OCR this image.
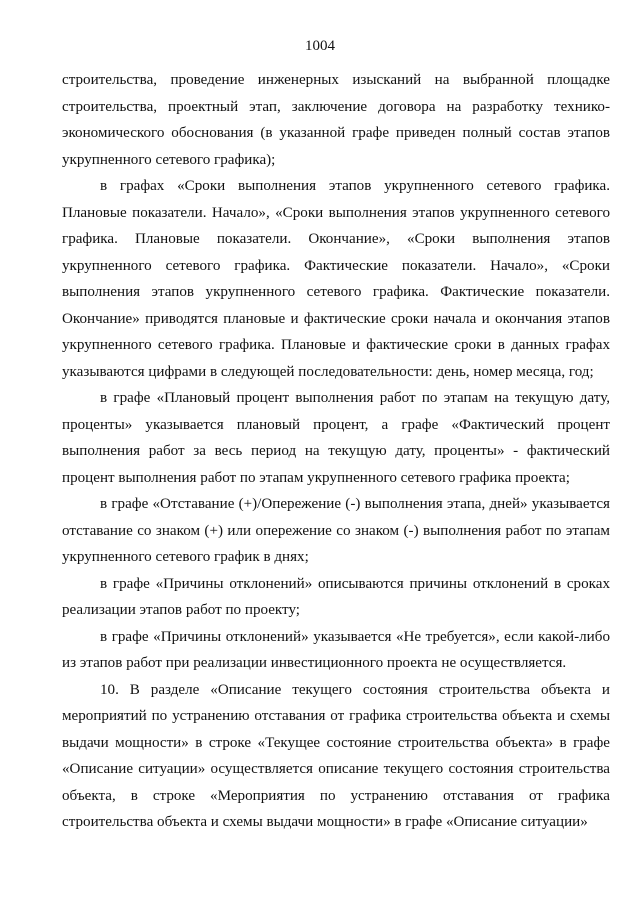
1004

строительства, проведение инженерных изысканий на выбранной площадке строительства, проектный этап, заключение договора на разработку технико-экономического обоснования (в указанной графе приведен полный состав этапов укрупненного сетевого графика);

в графах «Сроки выполнения этапов укрупненного сетевого графика. Плановые показатели. Начало», «Сроки выполнения этапов укрупненного сетевого графика. Плановые показатели. Окончание», «Сроки выполнения этапов укрупненного сетевого графика. Фактические показатели. Начало», «Сроки выполнения этапов укрупненного сетевого графика. Фактические показатели. Окончание» приводятся плановые и фактические сроки начала и окончания этапов укрупненного сетевого графика. Плановые и фактические сроки в данных графах указываются цифрами в следующей последовательности: день, номер месяца, год;

в графе «Плановый процент выполнения работ по этапам на текущую дату, проценты» указывается плановый процент, а графе «Фактический процент выполнения работ за весь период на текущую дату, проценты» - фактический процент выполнения работ по этапам укрупненного сетевого графика проекта;

в графе «Отставание (+)/Опережение (-) выполнения этапа, дней» указывается отставание со знаком (+) или опережение со знаком (-) выполнения работ по этапам укрупненного сетевого график в днях;

в графе «Причины отклонений» описываются причины отклонений в сроках реализации этапов работ по проекту;

в графе «Причины отклонений» указывается «Не требуется», если какой-либо из этапов работ при реализации инвестиционного проекта не осуществляется.

10. В разделе «Описание текущего состояния строительства объекта и мероприятий по устранению отставания от графика строительства объекта и схемы выдачи мощности» в строке «Текущее состояние строительства объекта» в графе «Описание ситуации» осуществляется описание текущего состояния строительства объекта, в строке «Мероприятия по устранению отставания от графика строительства объекта и схемы выдачи мощности» в графе «Описание ситуации»
